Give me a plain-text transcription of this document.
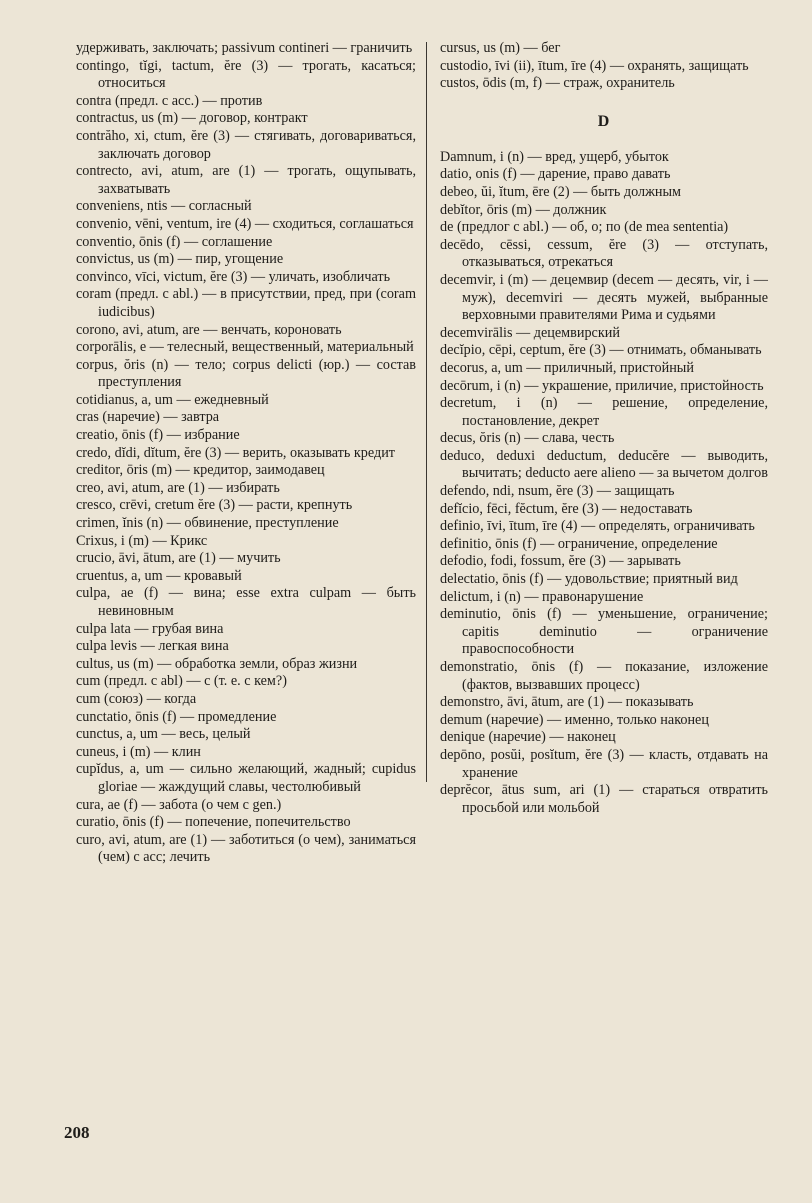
удерживать, заключать; passivum contineri — граничить

contingo, tĭgi, tactum, ĕre (3) — трогать, касаться; относиться

contra (предл. с acc.) — против

contractus, us (m) — договор, контракт

contrăho, xi, ctum, ĕre (3) — стягивать, договариваться, заключать договор

contrecto, avi, atum, are (1) — трогать, ощупывать, захватывать

conveniens, ntis — согласный

convenio, vēni, ventum, ire (4) — сходиться, соглашаться

conventio, ōnis (f) — соглашение

convictus, us (m) — пир, угощение

convinco, vīci, victum, ĕre (3) — уличать, изобличать

coram (предл. с abl.) — в присутствии, пред, при (coram iudicibus)

corono, avi, atum, are — венчать, короновать

corporālis, e — телесный, вещественный, материальный

corpus, ŏris (n) — тело; corpus delicti (юр.) — состав преступления

cotidianus, a, um — ежедневный

cras (наречие) — завтра

creatio, ōnis (f) — избрание

credo, dĭdi, dĭtum, ĕre (3) — верить, оказывать кредит

creditor, ōris (m) — кредитор, заимодавец

creo, avi, atum, are (1) — избирать

cresco, crēvi, cretum ĕre (3) — расти, крепнуть

crimen, ĭnis (n) — обвинение, преступление

Crixus, i (m) — Крикс

crucio, āvi, ātum, are (1) — мучить

cruentus, a, um — кровавый

culpa, ae (f) — вина; esse extra culpam — быть невиновным

culpa lata — грубая вина

culpa levis — легкая вина

cultus, us (m) — обработка земли, образ жизни

cum (предл. с abl) — с (т. е. с кем?)

cum (союз) — когда

cunctatio, ōnis (f) — промедление

cunctus, a, um — весь, целый

cuneus, i (m) — клин

cupĭdus, a, um — сильно желающий, жадный; cupidus gloriae — жаждущий славы, честолюбивый

cura, ae (f) — забота (о чем с gen.)

curatio, ōnis (f) — попечение, попечительство

curo, avi, atum, are (1) — заботиться (о чем), заниматься (чем) с acc; лечить

cursus, us (m) — бег

custodio, īvi (ii), ītum, īre (4) — охранять, защищать

custos, ōdis (m, f) — страж, охранитель

D

Damnum, i (n) — вред, ущерб, убыток

datio, onis (f) — дарение, право давать

debeo, ŭi, ĭtum, ēre (2) — быть должным

debĭtor, ōris (m) — должник

de (предлог с abl.) — об, о; по (de mea sententia)

decēdo, cēssi, cessum, ĕre (3) — отступать, отказываться, отрекаться

decemvir, i (m) — децемвир (decem — десять, vir, i — муж), decemviri — десять мужей, выбранные верховными правителями Рима и судьями

decemvirālis — децемвирский

decĭpio, cēpi, ceptum, ĕre (3) — отнимать, обманывать

decorus, a, um — приличный, пристойный

decōrum, i (n) — украшение, приличие, пристойность

decretum, i (n) — решение, определение, постановление, декрет

decus, ŏris (n) — слава, честь

deduco, deduxi deductum, deducĕre — выводить, вычитать; deducto aere alieno — за вычетом долгов

defendo, ndi, nsum, ĕre (3) — защищать

defĭcio, fēci, fĕctum, ĕre (3) — недоставать

definio, īvi, ītum, īre (4) — определять, ограничивать

definitio, ōnis (f) — ограничение, определение

defodio, fodi, fossum, ĕre (3) — зарывать

delectatio, ōnis (f) — удовольствие; приятный вид

delictum, i (n) — правонарушение

deminutio, ōnis (f) — уменьшение, ограничение; capitis deminutio — ограничение правоспособности

demonstratio, ōnis (f) — показание, изложение (фактов, вызвавших процесс)

demonstro, āvi, ātum, are (1) — показывать

demum (наречие) — именно, только наконец

denique (наречие) — наконец

depōno, posŭi, posĭtum, ĕre (3) — класть, отдавать на хранение

deprĕcor, ātus sum, ari (1) — стараться отвратить просьбой или мольбой

208
